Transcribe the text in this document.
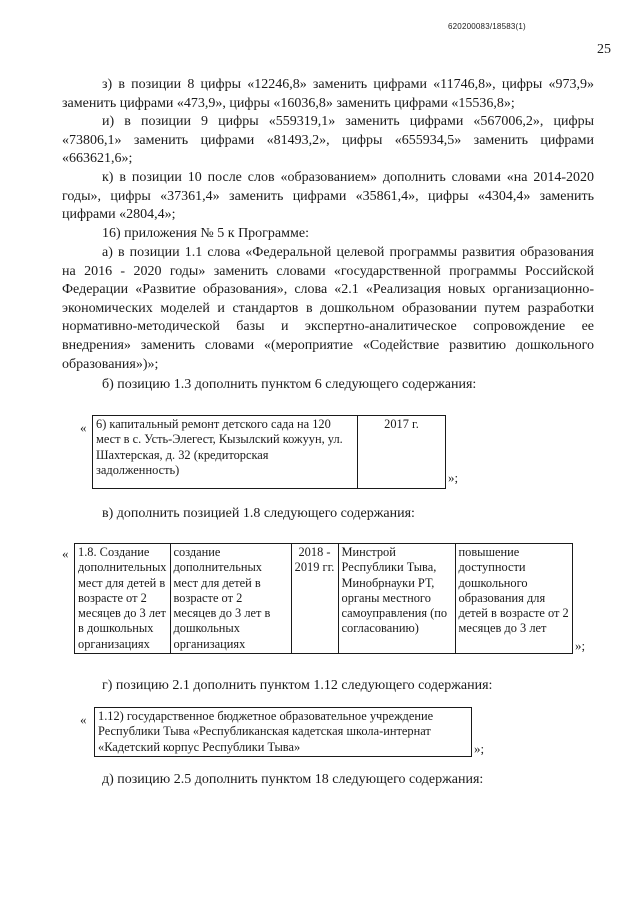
620200083/18583(1)
25
з) в позиции 8 цифры «12246,8» заменить цифрами «11746,8», цифры «973,9» заменить цифрами «473,9», цифры «16036,8» заменить цифрами «15536,8»;
и) в позиции 9 цифры «559319,1» заменить цифрами «567006,2», цифры «73806,1» заменить цифрами «81493,2», цифры «655934,5» заменить цифрами «663621,6»;
к) в позиции 10 после слов «образованием» дополнить словами «на 2014-2020 годы», цифры «37361,4» заменить цифрами «35861,4», цифры «4304,4» заменить цифрами «2804,4»;
16) приложения № 5 к Программе:
а) в позиции 1.1 слова «Федеральной целевой программы развития образования на 2016 - 2020 годы» заменить словами «государственной программы Российской Федерации «Развитие образования», слова «2.1 «Реализация новых организационно-экономических моделей и стандартов в дошкольном образовании путем разработки нормативно-методической базы и экспертно-аналитическое сопровождение ее внедрения» заменить словами «(мероприятие «Содействие развитию дошкольного образования»)»;
б) позицию 1.3 дополнить пунктом 6 следующего содержания:
« 6) капитальный ремонт детского сада на 120 мест в с. Усть-Элегест, Кызылский кожуун, ул. Шахтерская, д. 32 (кредиторская задолженность)	2017 г.
»;
в) дополнить позицией 1.8 следующего содержания:
« 1.8. Создание дополнительных мест для детей в возрасте от 2 месяцев до 3 лет в дошкольных организациях	создание дополнительных мест для детей в возрасте от 2 месяцев до 3 лет в дошкольных организациях	2018 - 2019 гг.	Минстрой Республики Тыва, Минобрнауки РТ, органы местного самоуправления (по согласованию)	повышение доступности дошкольного образования для детей в возрасте от 2 месяцев до 3 лет
»;
г) позицию 2.1 дополнить пунктом 1.12 следующего содержания:
« 1.12) государственное бюджетное образовательное учреждение Республики Тыва «Республиканская кадетская школа-интернат «Кадетский корпус Республики Тыва»	»;
д) позицию 2.5 дополнить пунктом 18 следующего содержания:
